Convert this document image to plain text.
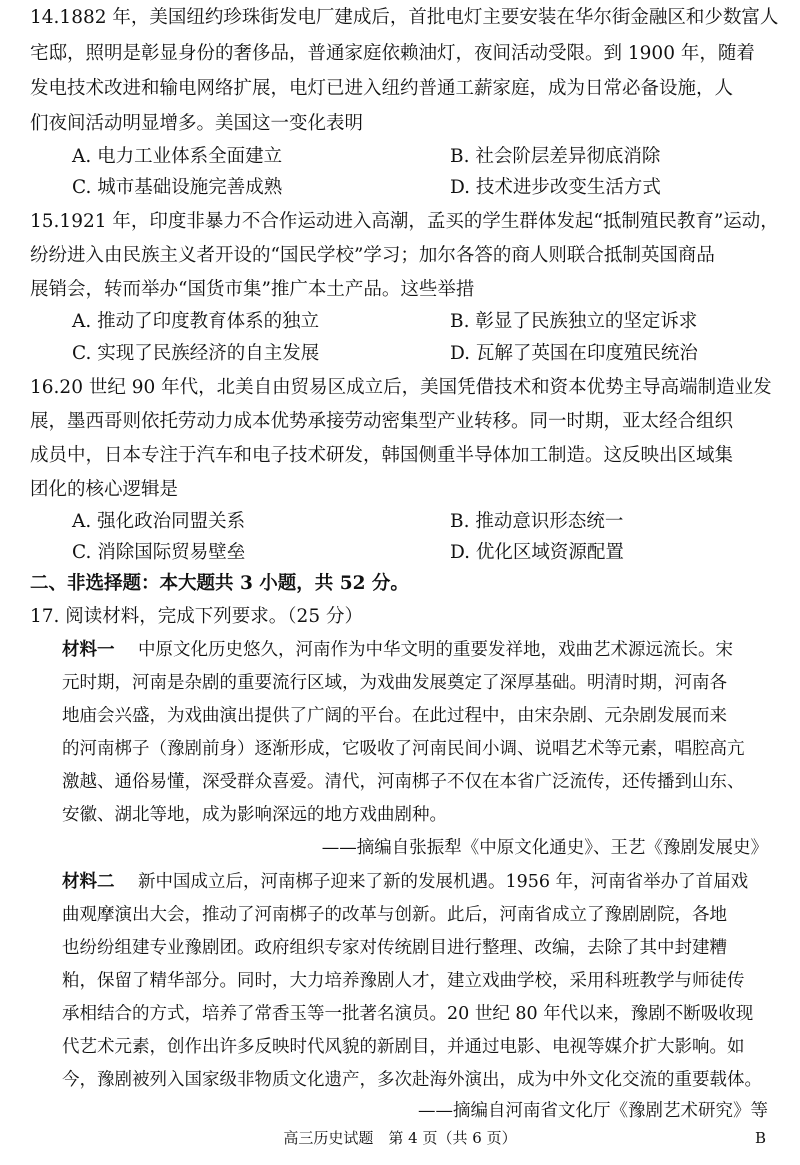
14.1882 年，美国纽约珍珠街发电厂建成后，首批电灯主要安装在华尔街金融区和少数富人
宅邸，照明是彰显身份的奢侈品，普通家庭依赖油灯，夜间活动受限。到 1900 年，随着
发电技术改进和输电网络扩展，电灯已进入纽约普通工薪家庭，成为日常必备设施，人
们夜间活动明显增多。美国这一变化表明
A. 电力工业体系全面建立	B. 社会阶层差异彻底消除
C. 城市基础设施完善成熟	D. 技术进步改变生活方式
15.1921 年，印度非暴力不合作运动进入高潮，孟买的学生群体发起“抵制殖民教育”运动，
纷纷进入由民族主义者开设的“国民学校”学习；加尔各答的商人则联合抵制英国商品
展销会，转而举办“国货市集”推广本土产品。这些举措
A. 推动了印度教育体系的独立	B. 彰显了民族独立的坚定诉求
C. 实现了民族经济的自主发展	D. 瓦解了英国在印度殖民统治
16.20 世纪 90 年代，北美自由贸易区成立后，美国凭借技术和资本优势主导高端制造业发
展，墨西哥则依托劳动力成本优势承接劳动密集型产业转移。同一时期，亚太经合组织
成员中，日本专注于汽车和电子技术研发，韩国侧重半导体加工制造。这反映出区域集
团化的核心逻辑是
A. 强化政治同盟关系	B. 推动意识形态统一
C. 消除国际贸易壁垒	D. 优化区域资源配置
二、非选择题：本大题共 3 小题，共 52 分。
17. 阅读材料，完成下列要求。（25 分）
材料一 中原文化历史悠久，河南作为中华文明的重要发祥地，戏曲艺术源远流长。宋
元时期，河南是杂剧的重要流行区域，为戏曲发展奠定了深厚基础。明清时期，河南各
地庙会兴盛，为戏曲演出提供了广阔的平台。在此过程中，由宋杂剧、元杂剧发展而来
的河南梆子（豫剧前身）逐渐形成，它吸收了河南民间小调、说唱艺术等元素，唱腔高亢
激越、通俗易懂，深受群众喜爱。清代，河南梆子不仅在本省广泛流传，还传播到山东、
安徽、湖北等地，成为影响深远的地方戏曲剧种。
——摘编自张振犁《中原文化通史》、王艺《豫剧发展史》
材料二 新中国成立后，河南梆子迎来了新的发展机遇。1956 年，河南省举办了首届戏
曲观摩演出大会，推动了河南梆子的改革与创新。此后，河南省成立了豫剧剧院，各地
也纷纷组建专业豫剧团。政府组织专家对传统剧目进行整理、改编，去除了其中封建糟
粕，保留了精华部分。同时，大力培养豫剧人才，建立戏曲学校，采用科班教学与师徒传
承相结合的方式，培养了常香玉等一批著名演员。20 世纪 80 年代以来，豫剧不断吸收现
代艺术元素，创作出许多反映时代风貌的新剧目，并通过电影、电视等媒介扩大影响。如
今，豫剧被列入国家级非物质文化遗产，多次赴海外演出，成为中外文化交流的重要载体。
——摘编自河南省文化厅《豫剧艺术研究》等
高三历史试题　第 4 页（共 6 页）	B
